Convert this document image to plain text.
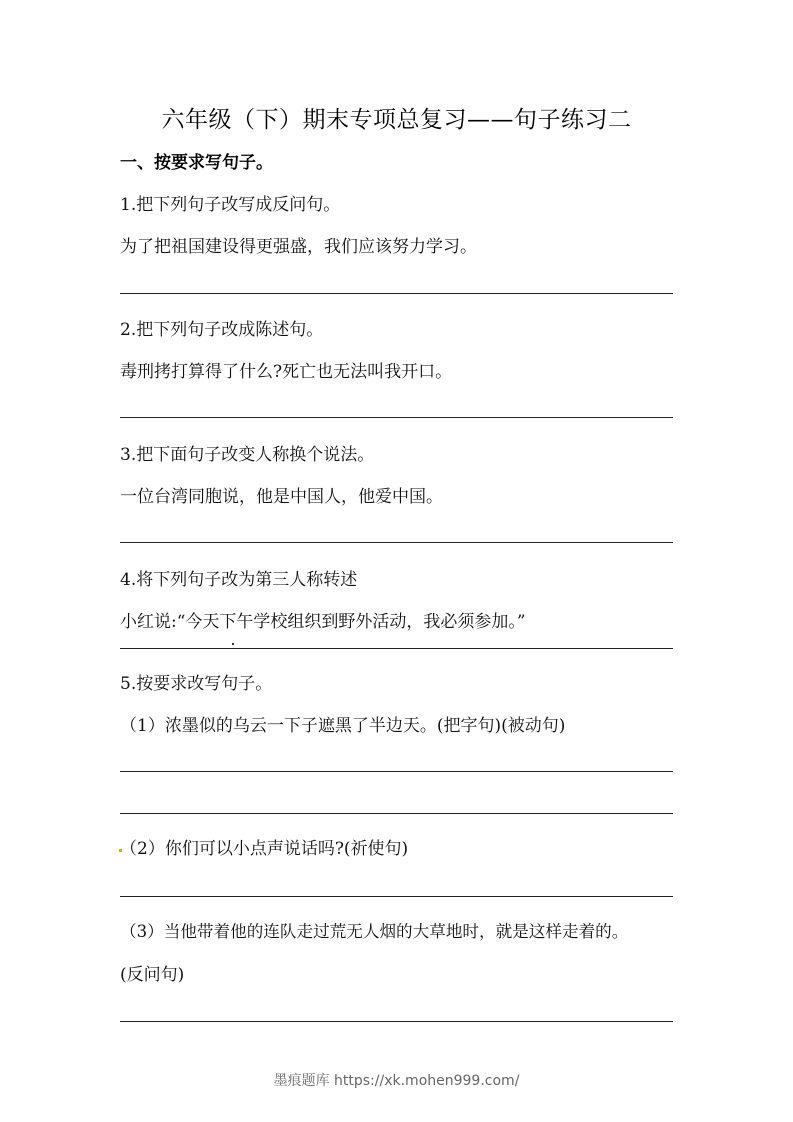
六年级（下）期末专项总复习——句子练习二
一、按要求写句子。
1.把下列句子改写成反问句。
为了把祖国建设得更强盛，我们应该努力学习。
2.把下列句子改成陈述句。
毒刑拷打算得了什么?死亡也无法叫我开口。
3.把下面句子改变人称换个说法。
一位台湾同胞说，他是中国人，他爱中国。
4.将下列句子改为第三人称转述
小红说:“今天下午学校组织到野外活动，我必须参加。”
5.按要求改写句子。
（1）浓墨似的乌云一下子遮黑了半边天。(把字句)(被动句)
（2）你们可以小点声说话吗?(祈使句)
（3）当他带着他的连队走过荒无人烟的大草地时，就是这样走着的。
(反问句)
墨痕题库 https://xk.mohen999.com/
